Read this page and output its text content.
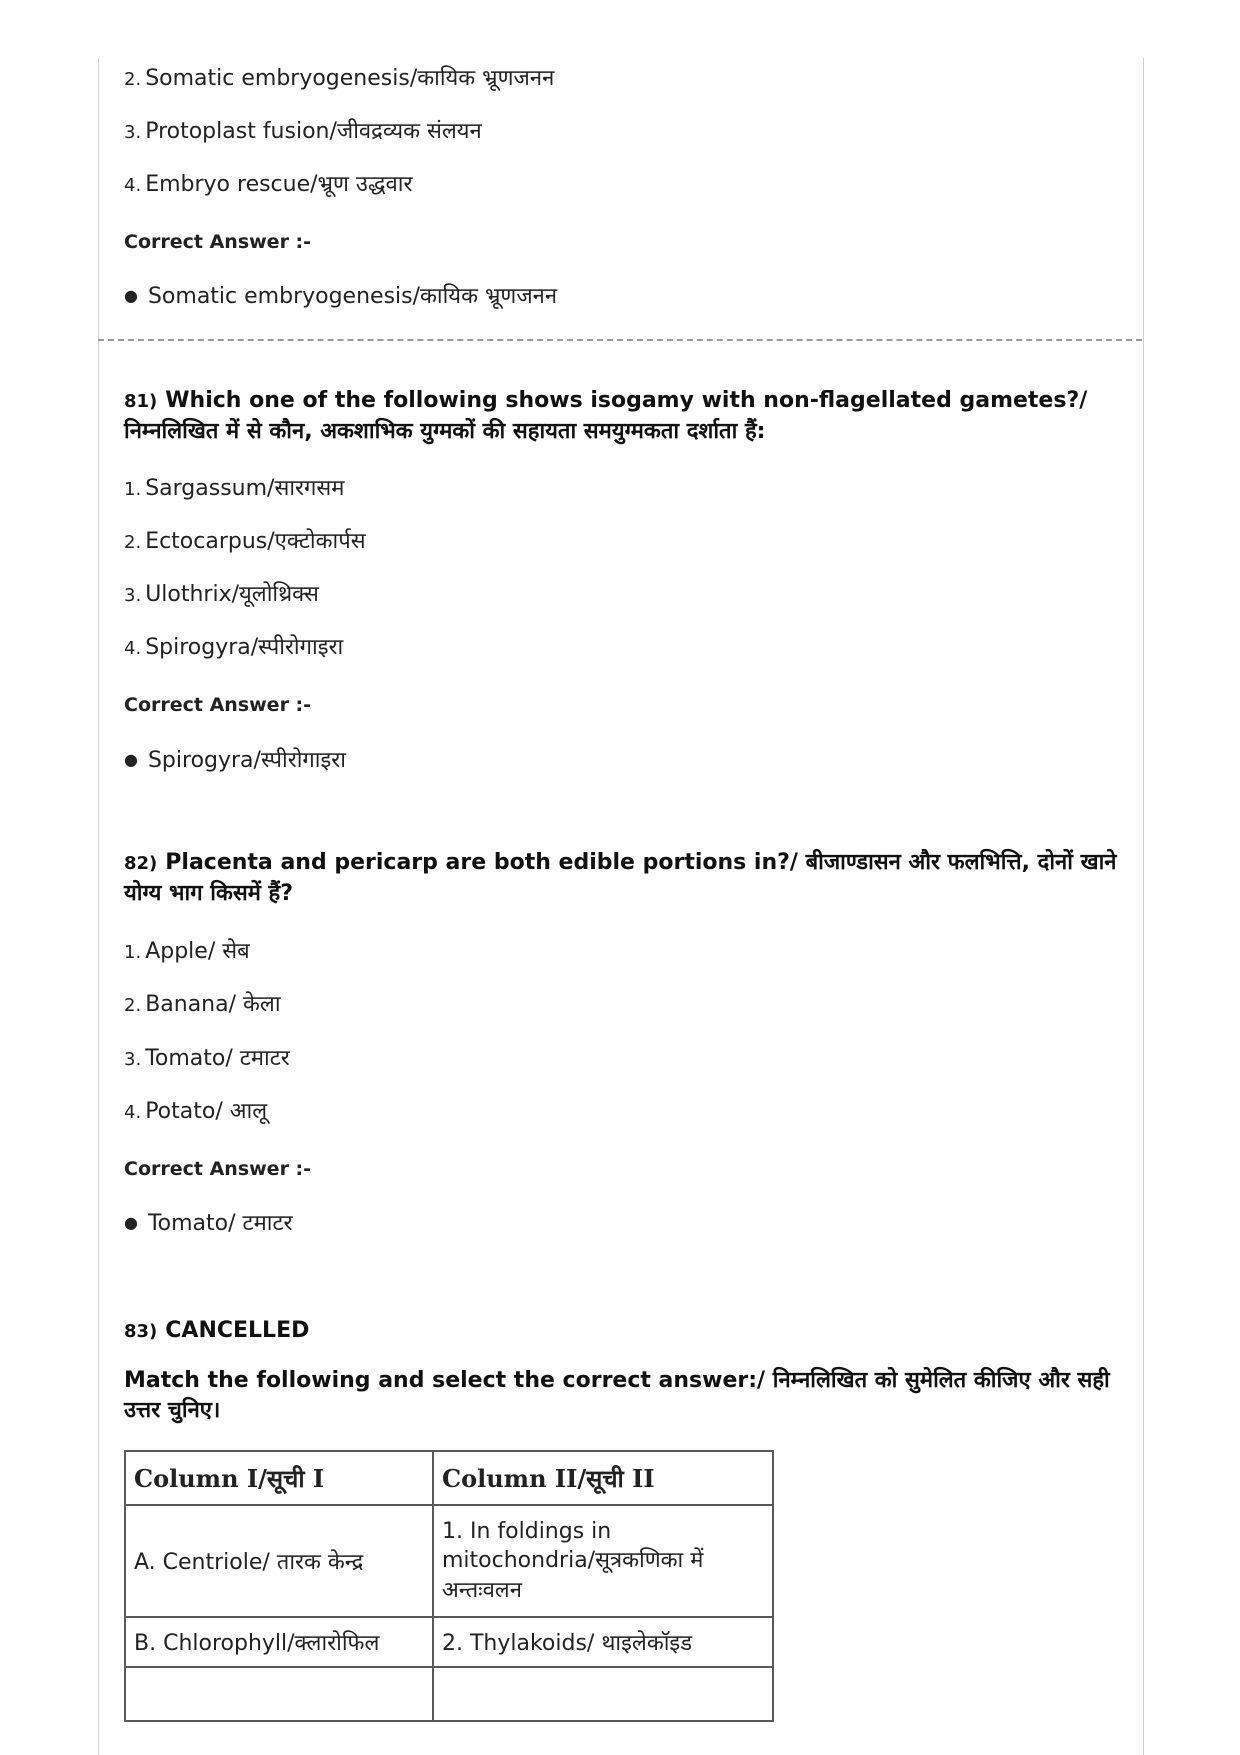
2. Somatic embryogenesis/कायिक भ्रूणजनन
3. Protoplast fusion/जीवद्रव्यक संलयन
4. Embryo rescue/भ्रूण उद्धवार
Correct Answer :-
● Somatic embryogenesis/कायिक भ्रूणजनन
81) Which one of the following shows isogamy with non-flagellated gametes?/निम्नलिखित में से कौन, अकशाभिक युग्मकों की सहायता समयुग्मकता दर्शाता हैं:
1. Sargassum/सारगसम
2. Ectocarpus/एक्टोकार्पस
3. Ulothrix/यूलोथ्रिक्स
4. Spirogyra/स्पीरोगाइरा
Correct Answer :-
● Spirogyra/स्पीरोगाइरा
82) Placenta and pericarp are both edible portions in?/ बीजाण्डासन और फलभित्ति, दोनों खाने योग्य भाग किसमें हैं?
1. Apple/ सेब
2. Banana/ केला
3. Tomato/ टमाटर
4. Potato/ आलू
Correct Answer :-
● Tomato/ टमाटर
83) CANCELLED
Match the following and select the correct answer:/ निम्नलिखित को सुमेलित कीजिए और सही उत्तर चुनिए।
Column I/सूची I	Column II/सूची II
A. Centriole/ तारक केन्द्र	1. In foldings in mitochondria/सूत्रकणिका में अन्तःवलन
B. Chlorophyll/क्लारोफिल	2. Thylakoids/ थाइलेकॉइड
